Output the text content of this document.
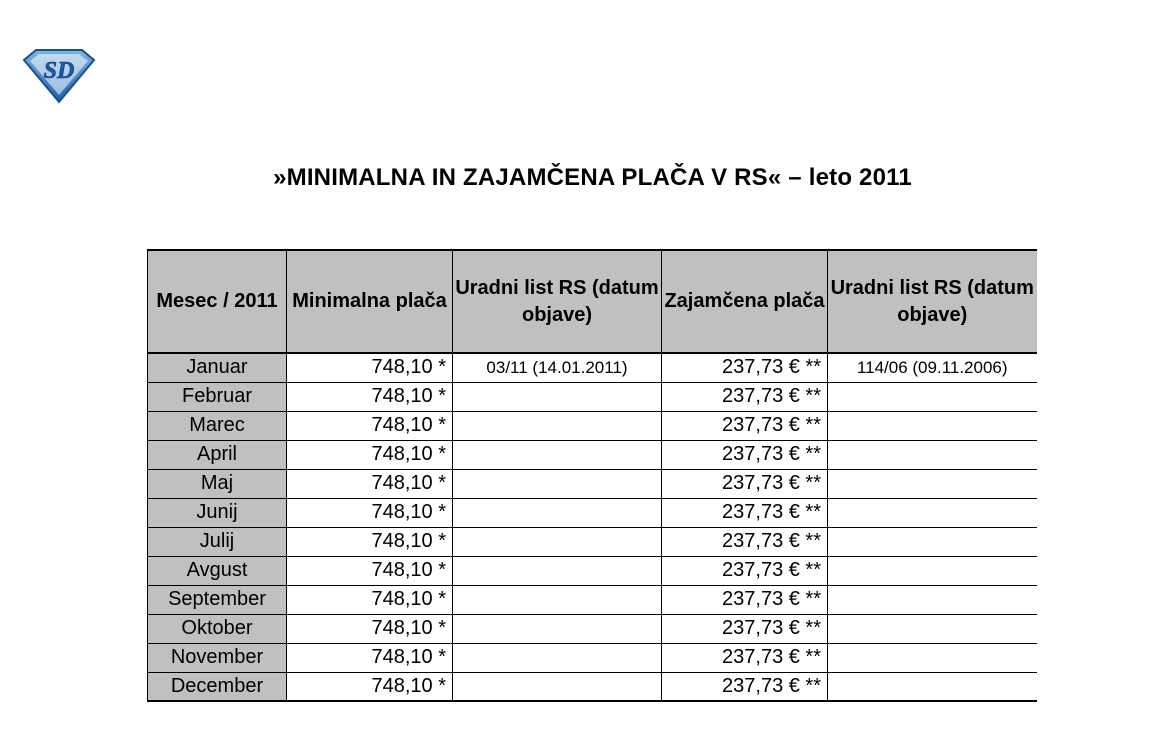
SD
»MINIMALNA IN ZAJAMČENA PLAČA V RS« – leto 2011
Mesec / 2011	Minimalna plača	Uradni list RS (datum objave)	Zajamčena plača	Uradni list RS (datum objave)
Januar	748,10 *	03/11 (14.01.2011)	237,73 € **	114/06 (09.11.2006)
Februar	748,10 *		237,73 € **	
Marec	748,10 *		237,73 € **	
April	748,10 *		237,73 € **	
Maj	748,10 *		237,73 € **	
Junij	748,10 *		237,73 € **	
Julij	748,10 *		237,73 € **	
Avgust	748,10 *		237,73 € **	
September	748,10 *		237,73 € **	
Oktober	748,10 *		237,73 € **	
November	748,10 *		237,73 € **	
December	748,10 *		237,73 € **	
